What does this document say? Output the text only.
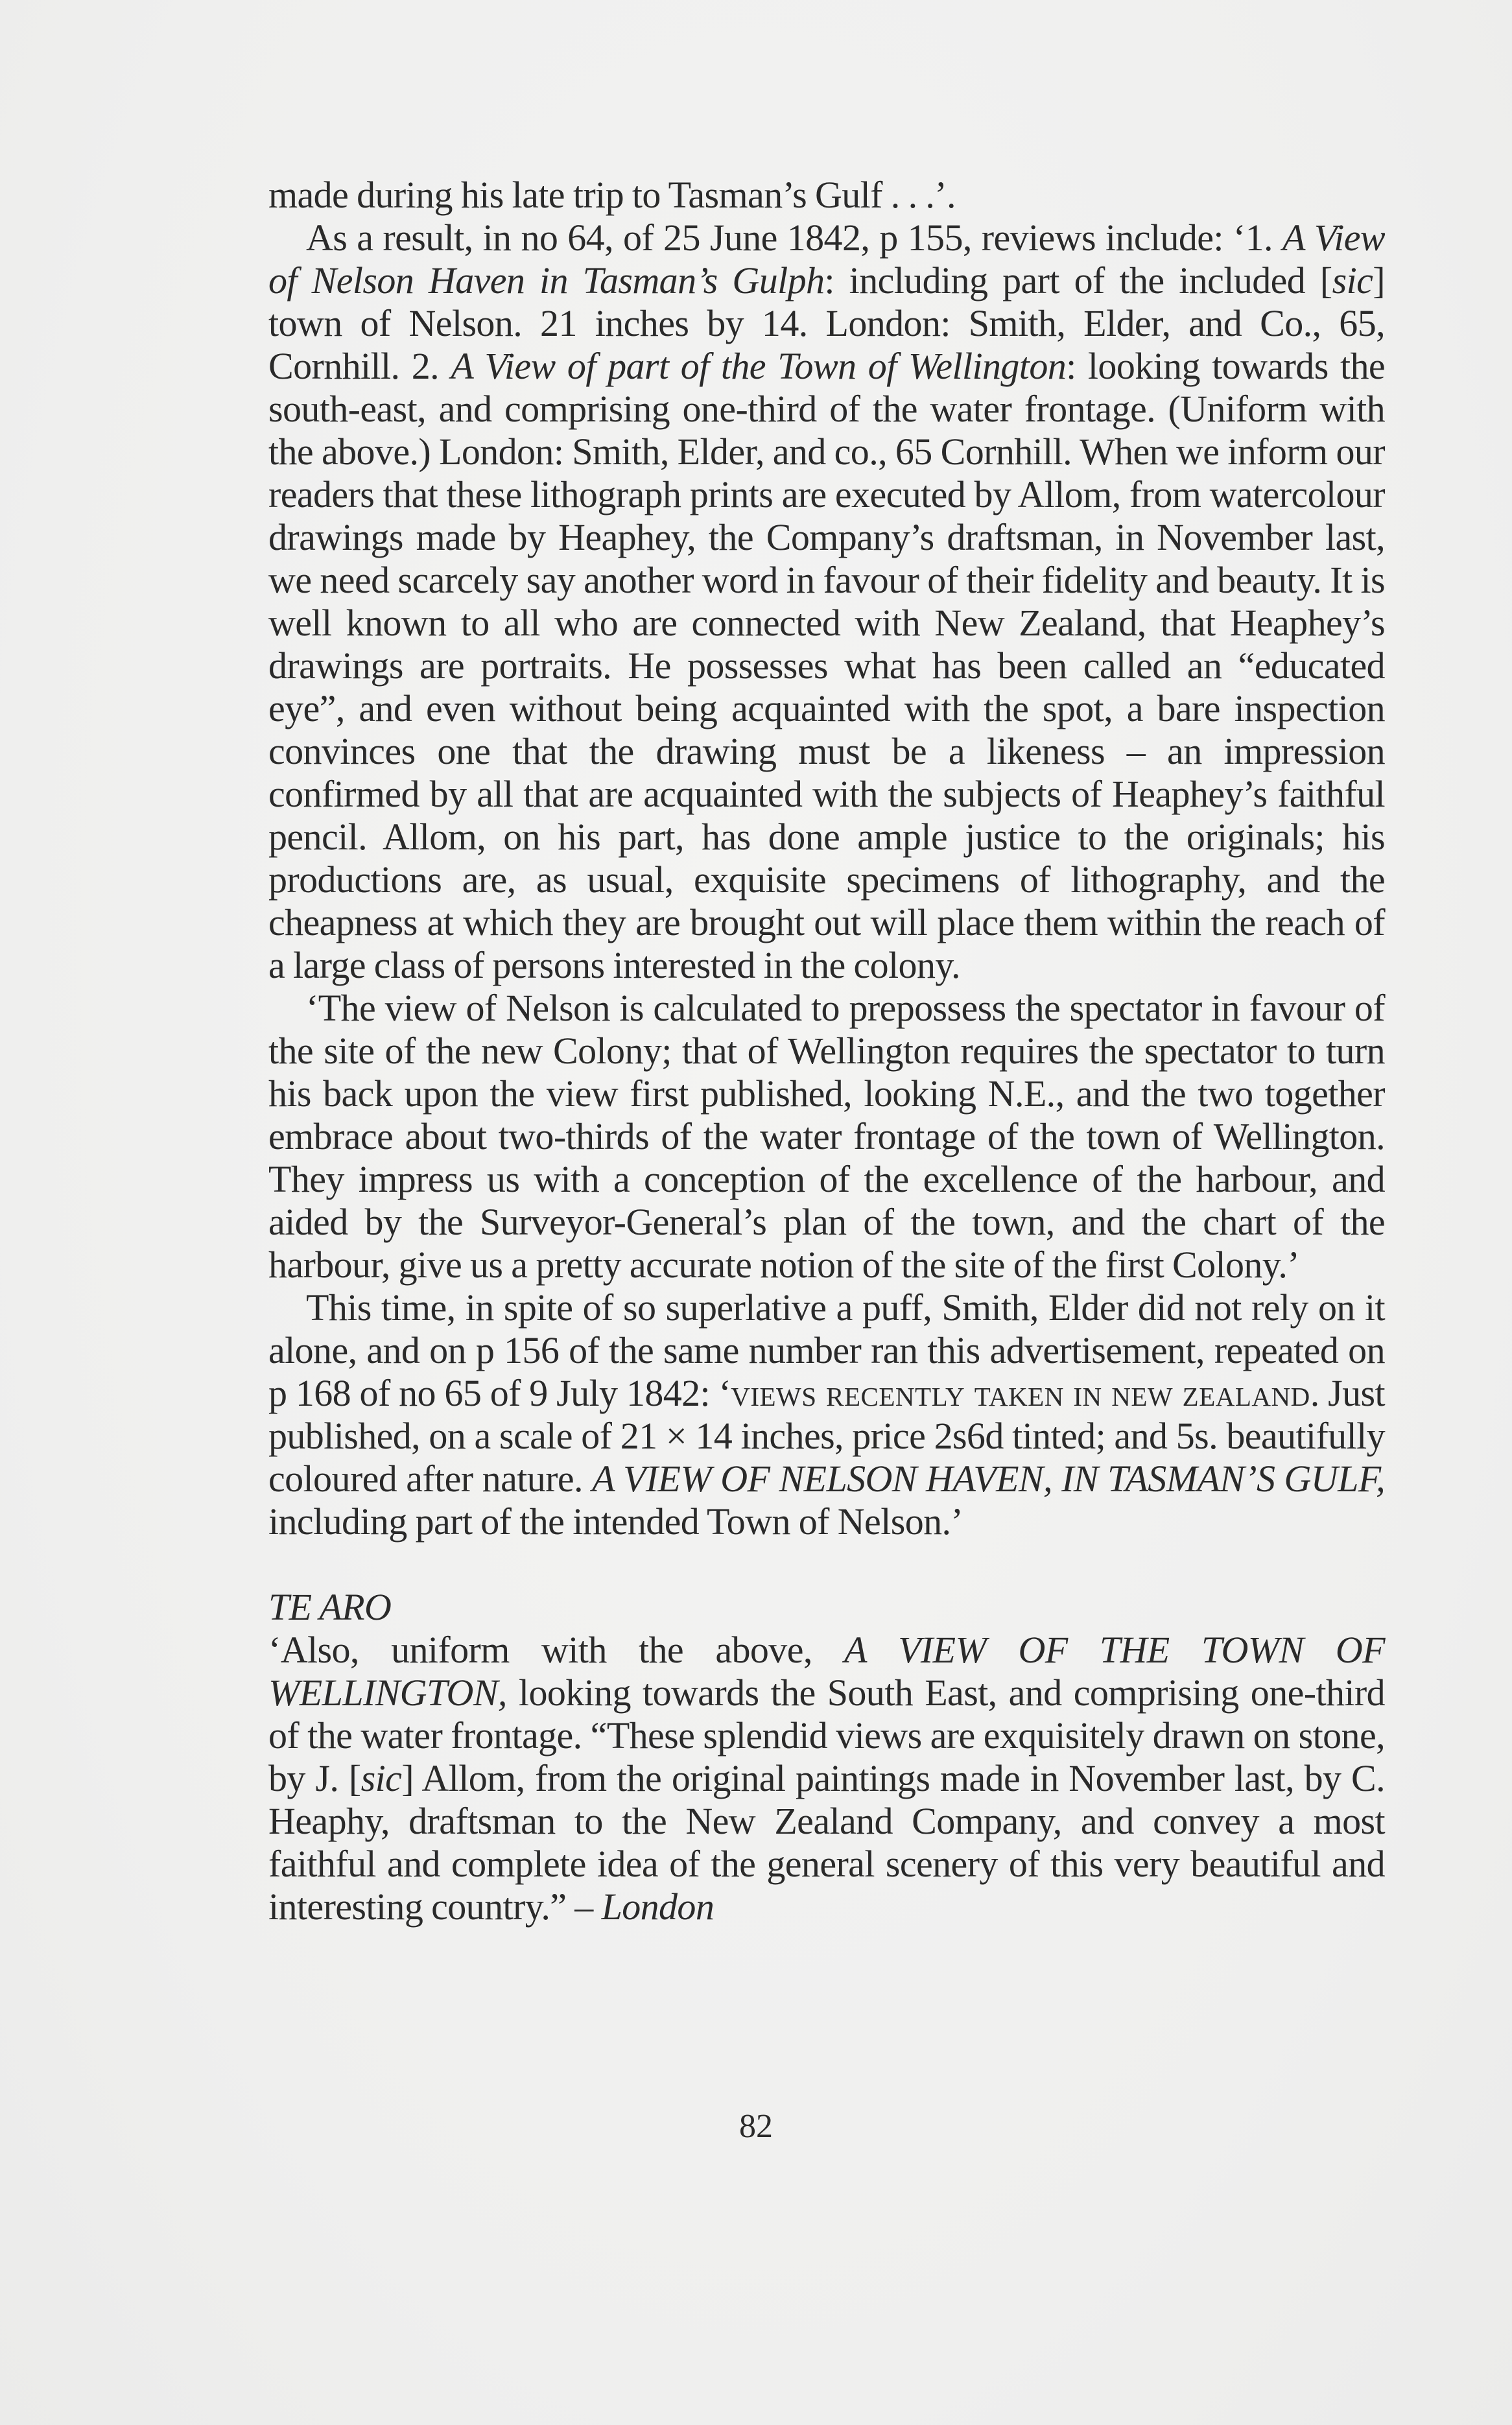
made during his late trip to Tasman’s Gulf . . .’.

As a result, in no 64, of 25 June 1842, p 155, reviews include: ‘1. A View of Nelson Haven in Tasman’s Gulph: including part of the included [sic] town of Nelson. 21 inches by 14. London: Smith, Elder, and Co., 65, Cornhill. 2. A View of part of the Town of Wellington: looking towards the south-east, and comprising one-third of the water frontage. (Uniform with the above.) London: Smith, Elder, and co., 65 Cornhill. When we inform our readers that these lithograph prints are executed by Allom, from watercolour drawings made by Heaphey, the Company’s draftsman, in November last, we need scarcely say another word in favour of their fidelity and beauty. It is well known to all who are connected with New Zealand, that Heaphey’s drawings are portraits. He possesses what has been called an “educated eye”, and even without being acquainted with the spot, a bare inspection convinces one that the drawing must be a likeness – an impression confirmed by all that are acquainted with the subjects of Heaphey’s faithful pencil. Allom, on his part, has done ample justice to the originals; his productions are, as usual, exquisite specimens of lithography, and the cheapness at which they are brought out will place them within the reach of a large class of persons interested in the colony.

‘The view of Nelson is calculated to prepossess the spectator in favour of the site of the new Colony; that of Wellington requires the spectator to turn his back upon the view first published, looking N.E., and the two together embrace about two-thirds of the water frontage of the town of Wellington. They impress us with a conception of the excellence of the harbour, and aided by the Surveyor-General’s plan of the town, and the chart of the harbour, give us a pretty accurate notion of the site of the first Colony.’

This time, in spite of so superlative a puff, Smith, Elder did not rely on it alone, and on p 156 of the same number ran this advertisement, repeated on p 168 of no 65 of 9 July 1842: ‘views recently taken in new zealand. Just published, on a scale of 21 × 14 inches, price 2s6d tinted; and 5s. beautifully coloured after nature. A VIEW OF NELSON HAVEN, IN TASMAN’S GULF, including part of the intended Town of Nelson.’

TE ARO

‘Also, uniform with the above, A VIEW OF THE TOWN OF WELLINGTON, looking towards the South East, and comprising one-third of the water frontage. “These splendid views are exquisitely drawn on stone, by J. [sic] Allom, from the original paintings made in November last, by C. Heaphy, draftsman to the New Zealand Company, and convey a most faithful and complete idea of the general scenery of this very beautiful and interesting country.” – London

82
